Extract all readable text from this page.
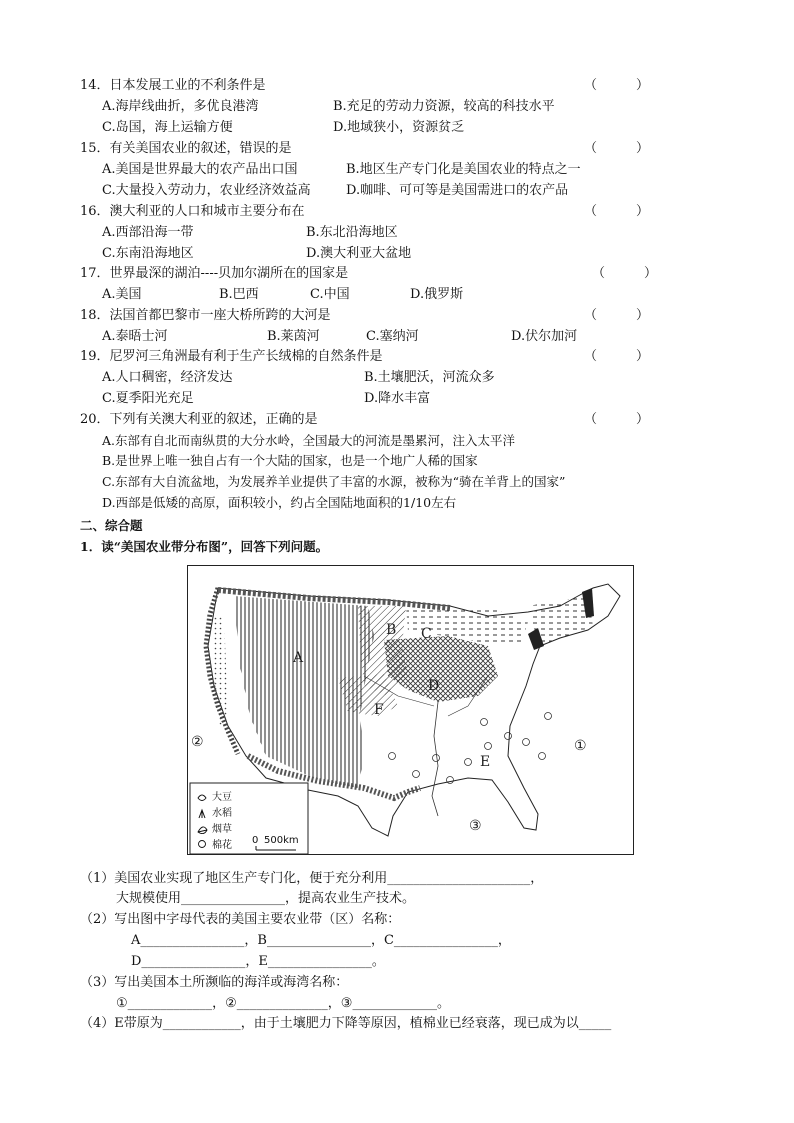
14．日本发展工业的不利条件是	（　　　）
A.海岸线曲折，多优良港湾	B.充足的劳动力资源，较高的科技水平
C.岛国，海上运输方便	D.地域狭小，资源贫乏
15．有关美国农业的叙述，错误的是	（　　　）
A.美国是世界最大的农产品出口国	B.地区生产专门化是美国农业的特点之一
C.大量投入劳动力，农业经济效益高	D.咖啡、可可等是美国需进口的农产品
16．澳大利亚的人口和城市主要分布在	（　　　）
A.西部沿海一带	B.东北沿海地区
C.东南沿海地区	D.澳大利亚大盆地
17．世界最深的湖泊----贝加尔湖所在的国家是	（　　　）
A.美国	B.巴西	C.中国	D.俄罗斯
18．法国首都巴黎市一座大桥所跨的大河是	（　　　）
A.泰晤士河	B.莱茵河	C.塞纳河	D.伏尔加河
19．尼罗河三角洲最有利于生产长绒棉的自然条件是	（　　　）
A.人口稠密，经济发达	B.土壤肥沃，河流众多
C.夏季阳光充足	D.降水丰富
20．下列有关澳大利亚的叙述，正确的是	（　　　）
A.东部有自北而南纵贯的大分水岭，全国最大的河流是墨累河，注入太平洋
B.是世界上唯一独自占有一个大陆的国家，也是一个地广人稀的国家
C.东部有大自流盆地，为发展养羊业提供了丰富的水源，被称为“骑在羊背上的国家”
D.西部是低矮的高原，面积较小，约占全国陆地面积的1/10左右
二、综合题
1．读“美国农业带分布图”，回答下列问题。
A
B C
D
E
F
①
②
③
大豆
水稻
烟草
棉花 0 500km
（1）美国农业实现了地区生产专门化，便于充分利用______________________，
大规模使用________________，提高农业生产技术。
（2）写出图中字母代表的美国主要农业带（区）名称：
A________________，B________________，C________________，
D________________，E________________。
（3）写出美国本土所濒临的海洋或海湾名称：
①_____________，②______________，③_____________。
（4）E带原为____________，由于土壤肥力下降等原因，植棉业已经衰落，现已成为以_____
